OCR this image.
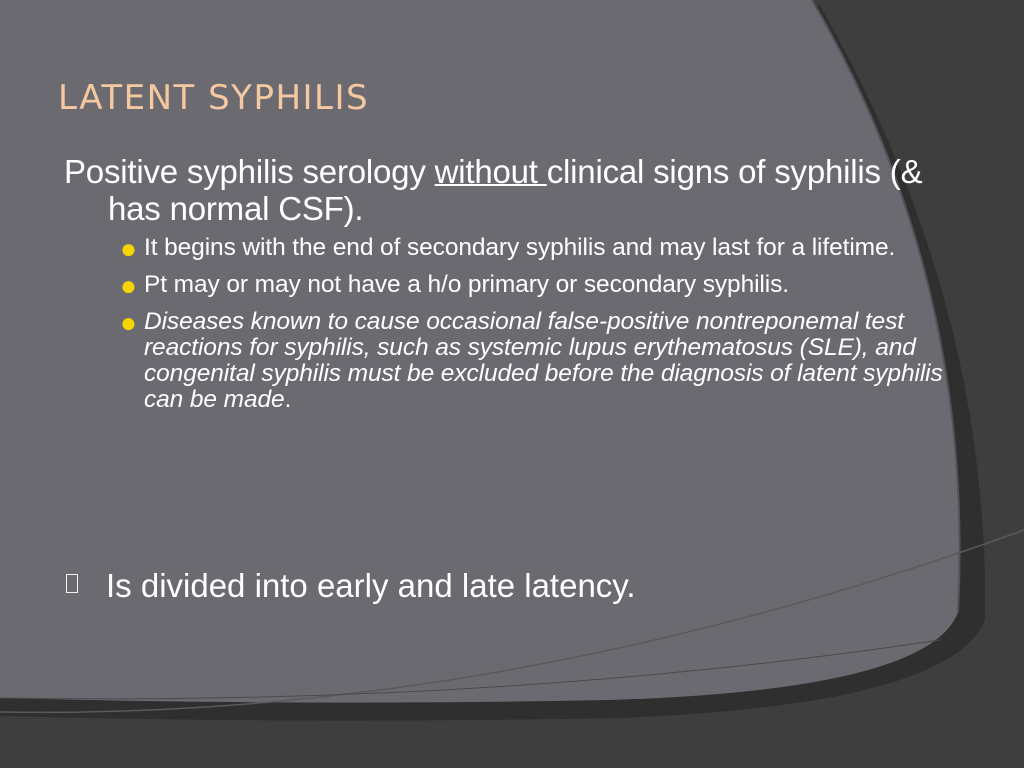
LATENT SYPHILIS

Positive syphilis serology without clinical signs of syphilis (& has normal CSF).

● It begins with the end of secondary syphilis and may last for a lifetime.
● Pt may or may not have a h/o primary or secondary syphilis.
● Diseases known to cause occasional false-positive nontreponemal test reactions for syphilis, such as systemic lupus erythematosus (SLE), and congenital syphilis must be excluded before the diagnosis of latent syphilis can be made.
Is divided into early and late latency.
